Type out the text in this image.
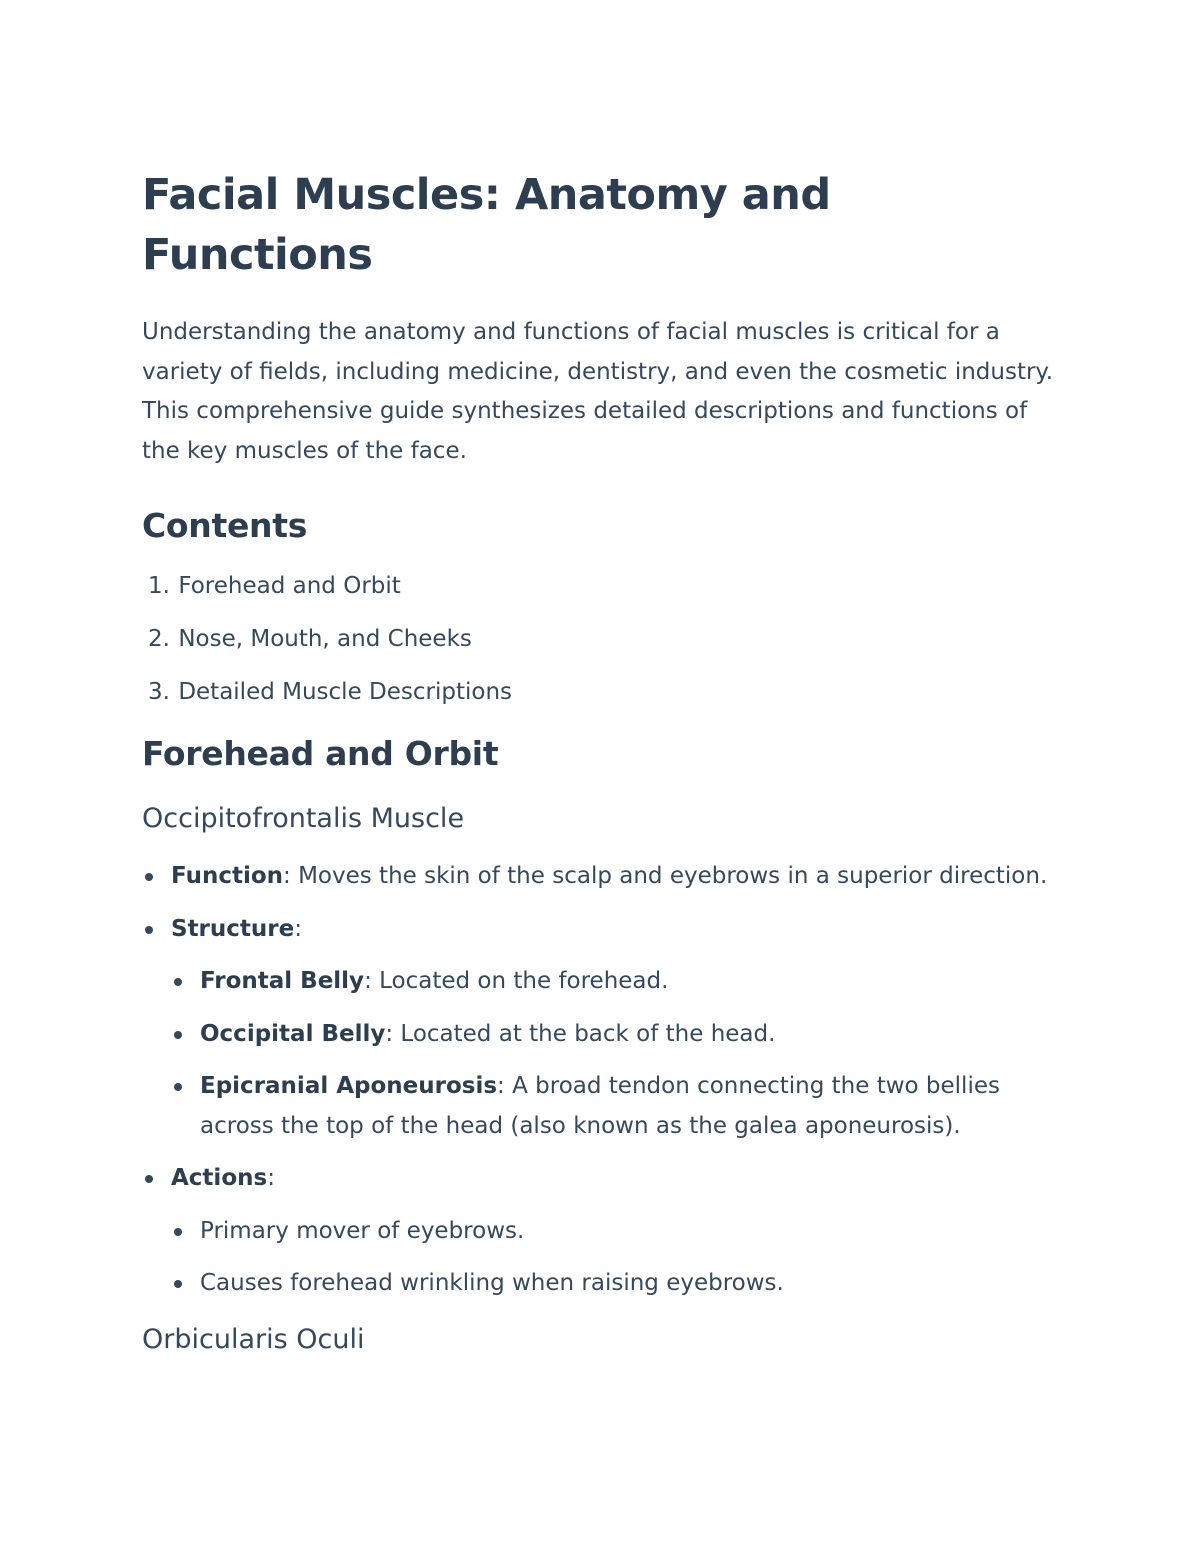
Facial Muscles: Anatomy and Functions

Understanding the anatomy and functions of facial muscles is critical for a variety of fields, including medicine, dentistry, and even the cosmetic industry. This comprehensive guide synthesizes detailed descriptions and functions of the key muscles of the face.

Contents
1. Forehead and Orbit
2. Nose, Mouth, and Cheeks
3. Detailed Muscle Descriptions
Forehead and Orbit
Occipitofrontalis Muscle
Function: Moves the skin of the scalp and eyebrows in a superior direction.
Structure:
Frontal Belly: Located on the forehead.
Occipital Belly: Located at the back of the head.
Epicranial Aponeurosis: A broad tendon connecting the two bellies across the top of the head (also known as the galea aponeurosis).
Actions:
Primary mover of eyebrows.
Causes forehead wrinkling when raising eyebrows.
Orbicularis Oculi
